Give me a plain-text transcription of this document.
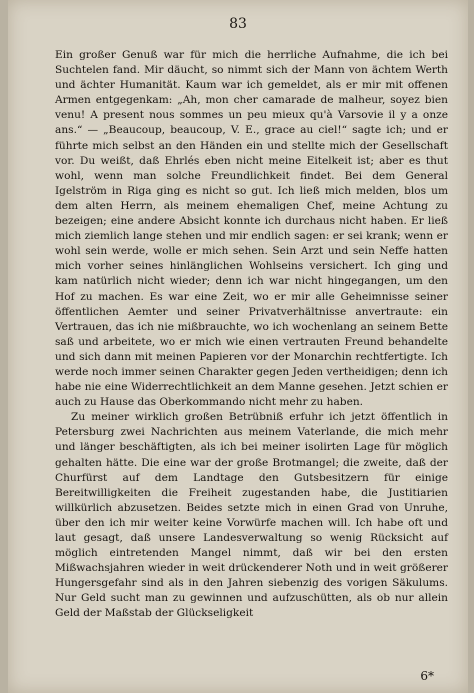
83

Ein großer Genuß war für mich die herrliche Aufnahme, die ich bei Suchtelen fand. Mir däucht, so nimmt sich der Mann von ächtem Werth und ächter Humanität. Kaum war ich gemeldet, als er mir mit offenen Armen entgegenkam: „Ah, mon cher camarade de malheur, soyez bien venu! A present nous sommes un peu mieux qu'à Varsovie il y a onze ans.“ — „Beaucoup, beaucoup, V. E., grace au ciel!“ sagte ich; und er führte mich selbst an den Händen ein und stellte mich der Gesellschaft vor. Du weißt, daß Ehrlés eben nicht meine Eitelkeit ist; aber es thut wohl, wenn man solche Freundlichkeit findet. Bei dem General Igelström in Riga ging es nicht so gut. Ich ließ mich melden, blos um dem alten Herrn, als meinem ehemaligen Chef, meine Achtung zu bezeigen; eine andere Absicht konnte ich durchaus nicht haben. Er ließ mich ziemlich lange stehen und mir endlich sagen: er sei krank; wenn er wohl sein werde, wolle er mich sehen. Sein Arzt und sein Neffe hatten mich vorher seines hinlänglichen Wohlseins versichert. Ich ging und kam natürlich nicht wieder; denn ich war nicht hingegangen, um den Hof zu machen. Es war eine Zeit, wo er mir alle Geheimnisse seiner öffentlichen Aemter und seiner Privatverhältnisse anvertraute: ein Vertrauen, das ich nie mißbrauchte, wo ich wochenlang an seinem Bette saß und arbeitete, wo er mich wie einen vertrauten Freund behandelte und sich dann mit meinen Papieren vor der Monarchin rechtfertigte. Ich werde noch immer seinen Charakter gegen Jeden vertheidigen; denn ich habe nie eine Widerrechtlichkeit an dem Manne gesehen. Jetzt schien er auch zu Hause das Oberkommando nicht mehr zu haben.

Zu meiner wirklich großen Betrübniß erfuhr ich jetzt öffentlich in Petersburg zwei Nachrichten aus meinem Vaterlande, die mich mehr und länger beschäftigten, als ich bei meiner isolirten Lage für möglich gehalten hätte. Die eine war der große Brotmangel; die zweite, daß der Churfürst auf dem Landtage den Gutsbesitzern für einige Bereitwilligkeiten die Freiheit zugestanden habe, die Justitiarien willkürlich abzusetzen. Beides setzte mich in einen Grad von Unruhe, über den ich mir weiter keine Vorwürfe machen will. Ich habe oft und laut gesagt, daß unsere Landesverwaltung so wenig Rücksicht auf möglich eintretenden Mangel nimmt, daß wir bei den ersten Mißwachsjahren wieder in weit drückenderer Noth und in weit größerer Hungersgefahr sind als in den Jahren siebenzig des vorigen Säkulums. Nur Geld sucht man zu gewinnen und aufzuschütten, als ob nur allein Geld der Maßstab der Glückseligkeit

6*
